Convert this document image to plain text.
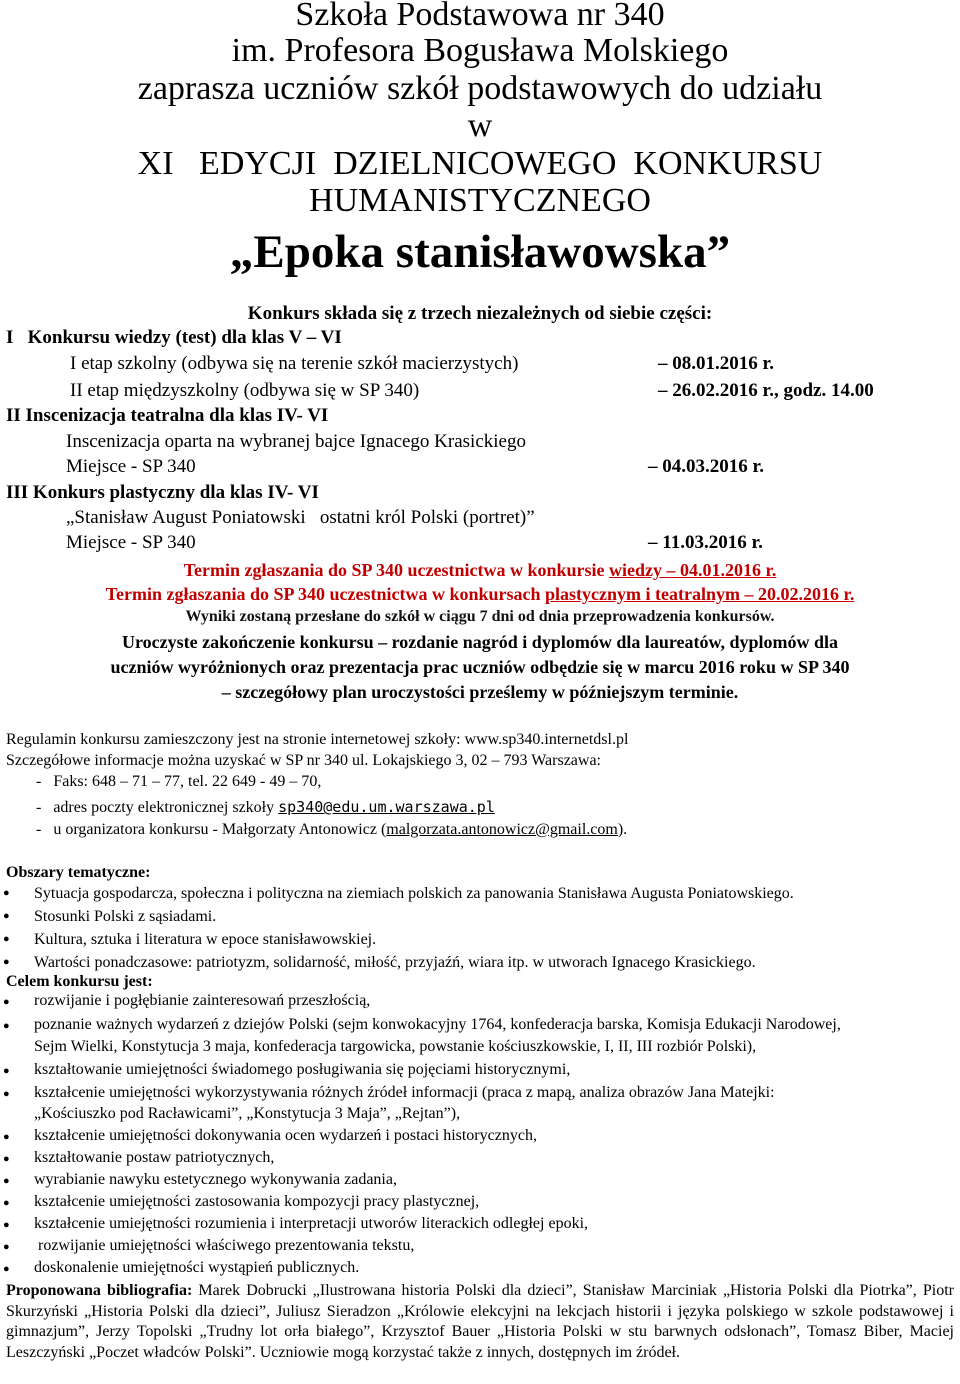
Szkoła Podstawowa nr 340
im. Profesora Bogusława Molskiego
zaprasza uczniów szkół podstawowych do udziału
w
XI   EDYCJI  DZIELNICOWEGO  KONKURSU
HUMANISTYCZNEGO
„Epoka stanisławowska”
Konkurs składa się z trzech niezależnych od siebie części:
I   Konkursu wiedzy (test) dla klas V – VI
I etap szkolny (odbywa się na terenie szkół macierzystych)	– 08.01.2016 r.
II etap międzyszkolny (odbywa się w SP 340)	– 26.02.2016 r., godz. 14.00
II Inscenizacja teatralna dla klas IV- VI
Inscenizacja oparta na wybranej bajce Ignacego Krasickiego
Miejsce - SP 340	– 04.03.2016 r.
III Konkurs plastyczny dla klas IV- VI
„Stanisław August Poniatowski   ostatni król Polski (portret)”
Miejsce - SP 340	– 11.03.2016 r.
Termin zgłaszania do SP 340 uczestnictwa w konkursie wiedzy – 04.01.2016 r.
Termin zgłaszania do SP 340 uczestnictwa w konkursach plastycznym i teatralnym – 20.02.2016 r.
Wyniki zostaną przesłane do szkół w ciągu 7 dni od dnia przeprowadzenia konkursów.
Uroczyste zakończenie konkursu – rozdanie nagród i dyplomów dla laureatów, dyplomów dla
uczniów wyróżnionych oraz prezentacja prac uczniów odbędzie się w marcu 2016 roku w SP 340
– szczegółowy plan uroczystości prześlemy w późniejszym terminie.
Regulamin konkursu zamieszczony jest na stronie internetowej szkoły: www.sp340.internetdsl.pl
Szczegółowe informacje można uzyskać w SP nr 340 ul. Lokajskiego 3, 02 – 793 Warszawa:
-   Faks: 648 – 71 – 77, tel. 22 649 - 49 – 70,
-   adres poczty elektronicznej szkoły sp340@edu.um.warszawa.pl
-   u organizatora konkursu - Małgorzaty Antonowicz (malgorzata.antonowicz@gmail.com).
Obszary tematyczne:
● Sytuacja gospodarcza, społeczna i polityczna na ziemiach polskich za panowania Stanisława Augusta Poniatowskiego.
● Stosunki Polski z sąsiadami.
● Kultura, sztuka i literatura w epoce stanisławowskiej.
● Wartości ponadczasowe: patriotyzm, solidarność, miłość, przyjaźń, wiara itp. w utworach Ignacego Krasickiego.
Celem konkursu jest:
rozwijanie i pogłębianie zainteresowań przeszłością,
poznanie ważnych wydarzeń z dziejów Polski (sejm konwokacyjny 1764, konfederacja barska, Komisja Edukacji Narodowej,
Sejm Wielki, Konstytucja 3 maja, konfederacja targowicka, powstanie kościuszkowskie, I, II, III rozbiór Polski),
kształtowanie umiejętności świadomego posługiwania się pojęciami historycznymi,
kształcenie umiejętności wykorzystywania różnych źródeł informacji (praca z mapą, analiza obrazów Jana Matejki:
„Kościuszko pod Racławicami”, „Konstytucja 3 Maja”, „Rejtan”),
kształcenie umiejętności dokonywania ocen wydarzeń i postaci historycznych,
kształtowanie postaw patriotycznych,
wyrabianie nawyku estetycznego wykonywania zadania,
kształcenie umiejętności zastosowania kompozycji pracy plastycznej,
kształcenie umiejętności rozumienia i interpretacji utworów literackich odległej epoki,
rozwijanie umiejętności właściwego prezentowania tekstu,
doskonalenie umiejętności wystąpień publicznych.
●
●
●
●
●
●
●
●
●
●
●
Proponowana bibliografia: Marek Dobrucki „Ilustrowana historia Polski dla dzieci”, Stanisław Marciniak „Historia Polski dla Piotrka”, Piotr Skurzyński „Historia Polski dla dzieci”, Juliusz Sieradzon „Królowie elekcyjni na lekcjach historii i języka polskiego w szkole podstawowej i gimnazjum”, Jerzy Topolski „Trudny lot orła białego”, Krzysztof Bauer „Historia Polski w stu barwnych odsłonach”, Tomasz Biber, Maciej Leszczyński „Poczet władców Polski”. Uczniowie mogą korzystać także z innych, dostępnych im źródeł.
